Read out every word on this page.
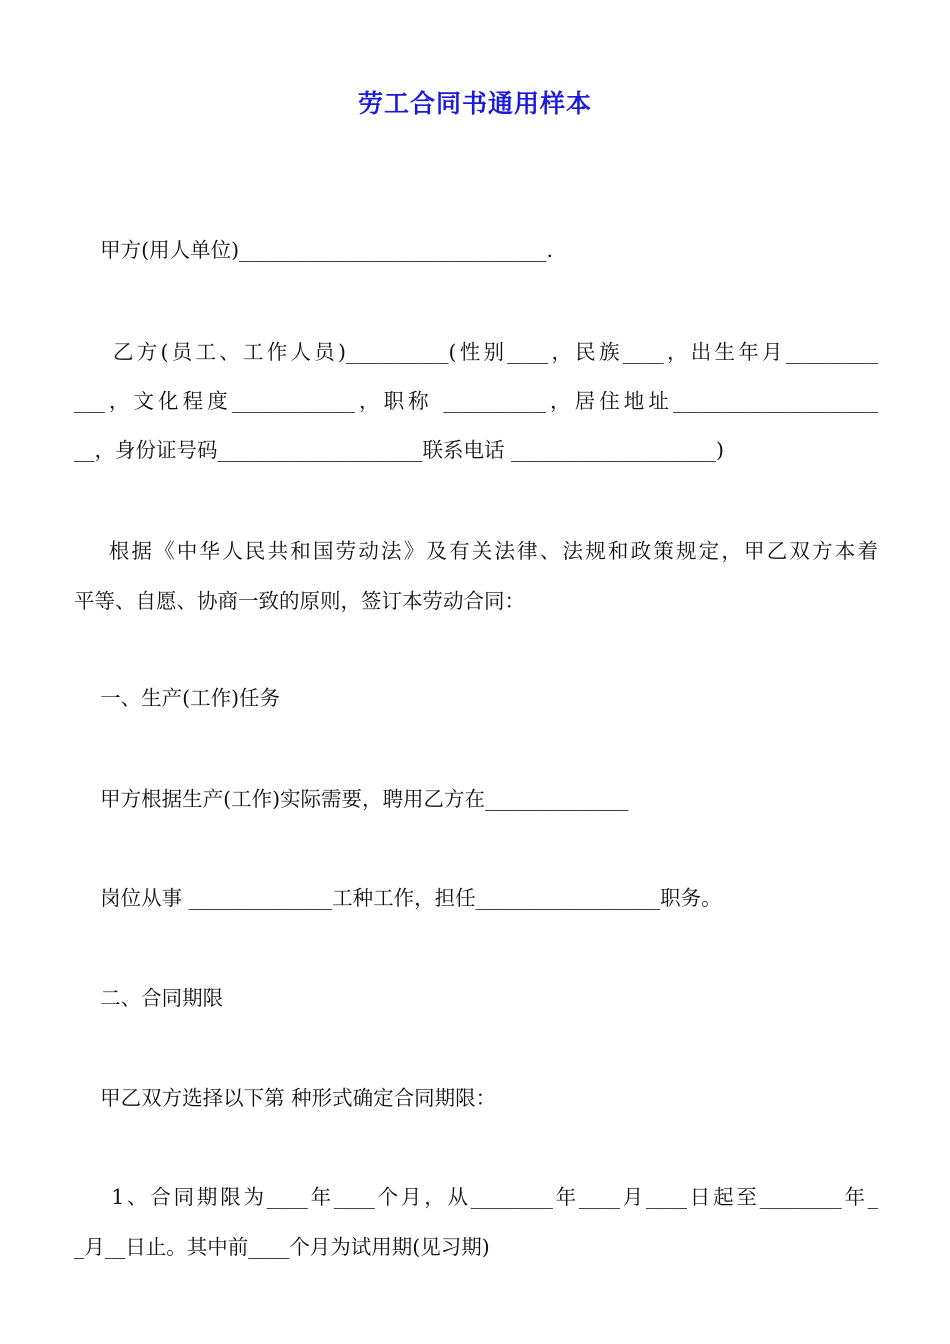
劳工合同书通用样本
甲方(用人单位)______________________________.
乙方(员工、工作人员)__________(性别____，民族____，出生年月_________
___，文化程度____________，职称 __________，居住地址____________________
__，身份证号码____________________联系电话 ____________________)
根据《中华人民共和国劳动法》及有关法律、法规和政策规定，甲乙双方本着
平等、自愿、协商一致的原则，签订本劳动合同：
一、生产(工作)任务
甲方根据生产(工作)实际需要，聘用乙方在______________
岗位从事 ______________工种工作，担任__________________职务。
二、合同期限
甲乙双方选择以下第 种形式确定合同期限：
1、合同期限为____年____个月，从________年____月____日起至________年_
_月__日止。其中前____个月为试用期(见习期)
